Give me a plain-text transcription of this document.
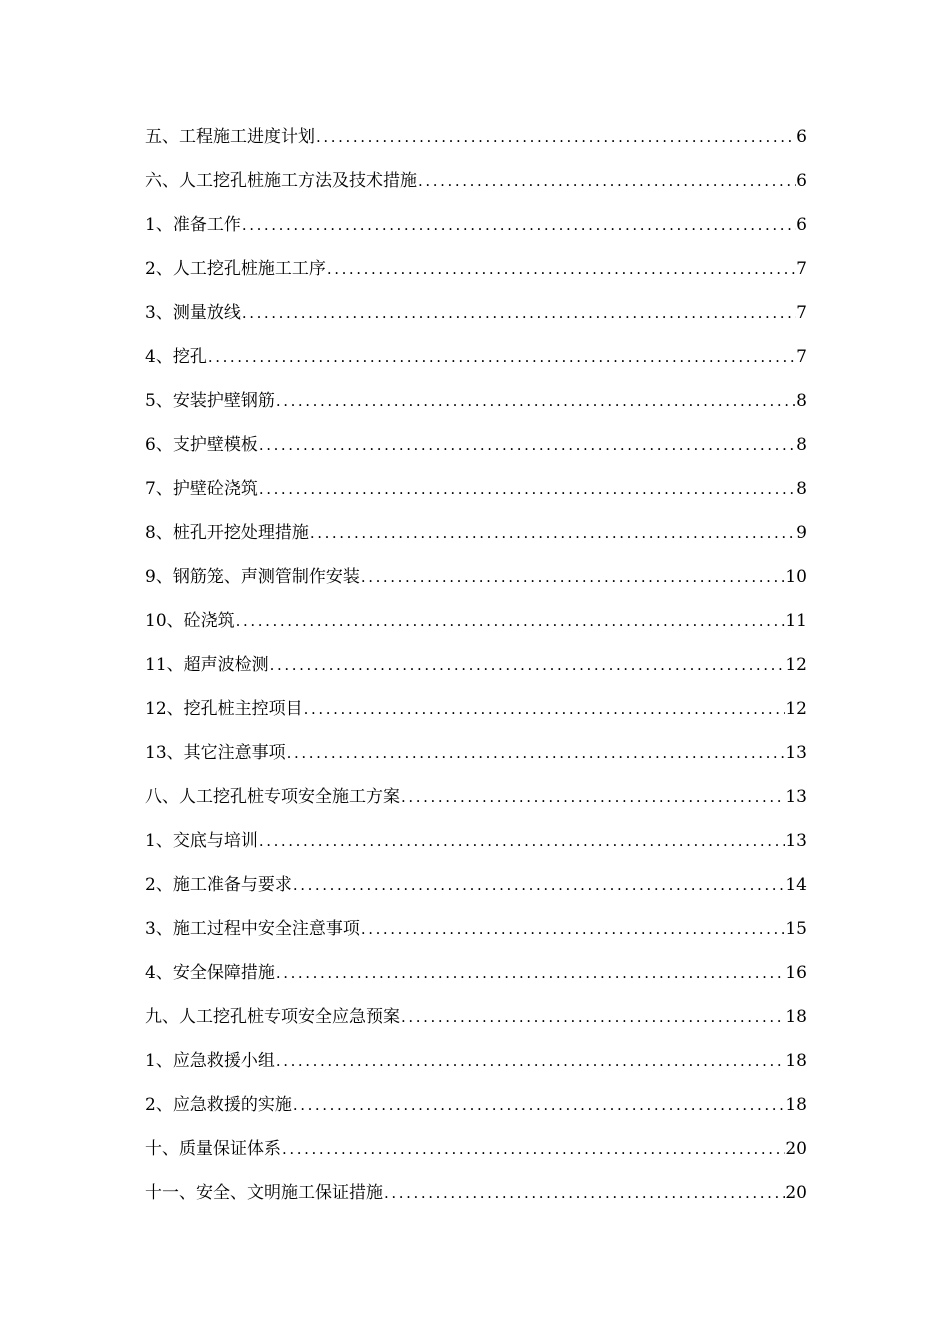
五、工程施工进度计划 .....	6
六、人工挖孔桩施工方法及技术措施 .....	6
1、准备工作 .....	6
2、人工挖孔桩施工工序 .....	7
3、测量放线 .....	7
4、挖孔 .....	7
5、安装护壁钢筋 .....	8
6、支护壁模板 .....	8
7、护壁砼浇筑 .....	8
8、桩孔开挖处理措施 .....	9
9、钢筋笼、声测管制作安装 .....	10
10、砼浇筑 .....	11
11、超声波检测 .....	12
12、挖孔桩主控项目 .....	12
13、其它注意事项 .....	13
八、人工挖孔桩专项安全施工方案 .....	13
1、交底与培训 .....	13
2、施工准备与要求 .....	14
3、施工过程中安全注意事项 .....	15
4、安全保障措施 .....	16
九、人工挖孔桩专项安全应急预案 .....	18
1、应急救援小组 .....	18
2、应急救援的实施 .....	18
十、质量保证体系 .....	20
十一、安全、文明施工保证措施 .....	20
